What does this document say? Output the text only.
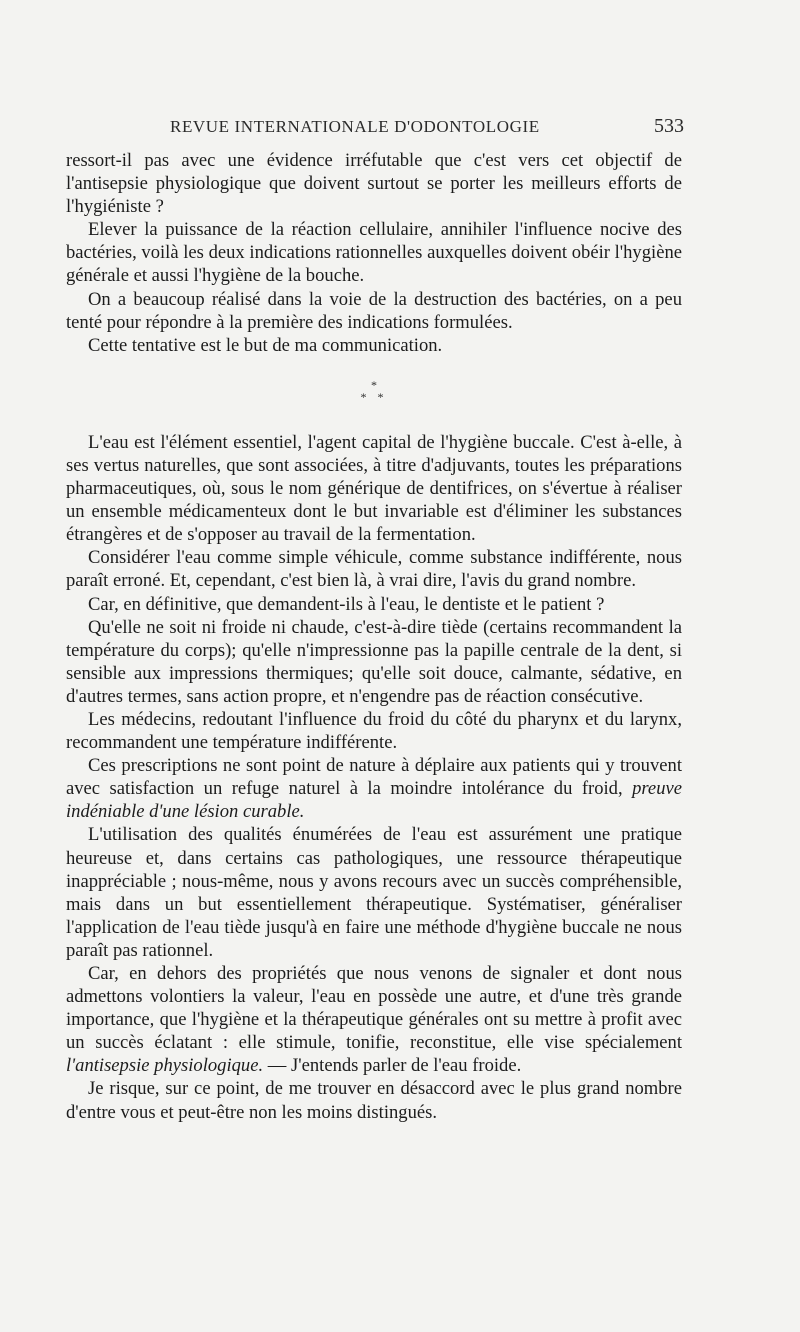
REVUE INTERNATIONALE D'ODONTOLOGIE	533

ressort-il pas avec une évidence irréfutable que c'est vers cet objectif de l'antisepsie physiologique que doivent surtout se porter les meilleurs efforts de l'hygiéniste ?

Elever la puissance de la réaction cellulaire, annihiler l'influence nocive des bactéries, voilà les deux indications rationnelles auxquelles doivent obéir l'hygiène générale et aussi l'hygiène de la bouche.

On a beaucoup réalisé dans la voie de la destruction des bactéries, on a peu tenté pour répondre à la première des indications formulées.

Cette tentative est le but de ma communication.

*
* *

L'eau est l'élément essentiel, l'agent capital de l'hygiène buccale. C'est à-elle, à ses vertus naturelles, que sont associées, à titre d'adjuvants, toutes les préparations pharmaceutiques, où, sous le nom générique de dentifrices, on s'évertue à réaliser un ensemble médicamenteux dont le but invariable est d'éliminer les substances étrangères et de s'opposer au travail de la fermentation.

Considérer l'eau comme simple véhicule, comme substance indifférente, nous paraît erroné. Et, cependant, c'est bien là, à vrai dire, l'avis du grand nombre.

Car, en définitive, que demandent-ils à l'eau, le dentiste et le patient ?

Qu'elle ne soit ni froide ni chaude, c'est-à-dire tiède (certains recommandent la température du corps); qu'elle n'impressionne pas la papille centrale de la dent, si sensible aux impressions thermiques; qu'elle soit douce, calmante, sédative, en d'autres termes, sans action propre, et n'engendre pas de réaction consécutive.

Les médecins, redoutant l'influence du froid du côté du pharynx et du larynx, recommandent une température indifférente.

Ces prescriptions ne sont point de nature à déplaire aux patients qui y trouvent avec satisfaction un refuge naturel à la moindre intolérance du froid, preuve indéniable d'une lésion curable.

L'utilisation des qualités énumérées de l'eau est assurément une pratique heureuse et, dans certains cas pathologiques, une ressource thérapeutique inappréciable ; nous-même, nous y avons recours avec un succès compréhensible, mais dans un but essentiellement thérapeutique. Systématiser, généraliser l'application de l'eau tiède jusqu'à en faire une méthode d'hygiène buccale ne nous paraît pas rationnel.

Car, en dehors des propriétés que nous venons de signaler et dont nous admettons volontiers la valeur, l'eau en possède une autre, et d'une très grande importance, que l'hygiène et la thérapeutique générales ont su mettre à profit avec un succès éclatant : elle stimule, tonifie, reconstitue, elle vise spécialement l'antisepsie physiologique. — J'entends parler de l'eau froide.

Je risque, sur ce point, de me trouver en désaccord avec le plus grand nombre d'entre vous et peut-être non les moins distingués.
